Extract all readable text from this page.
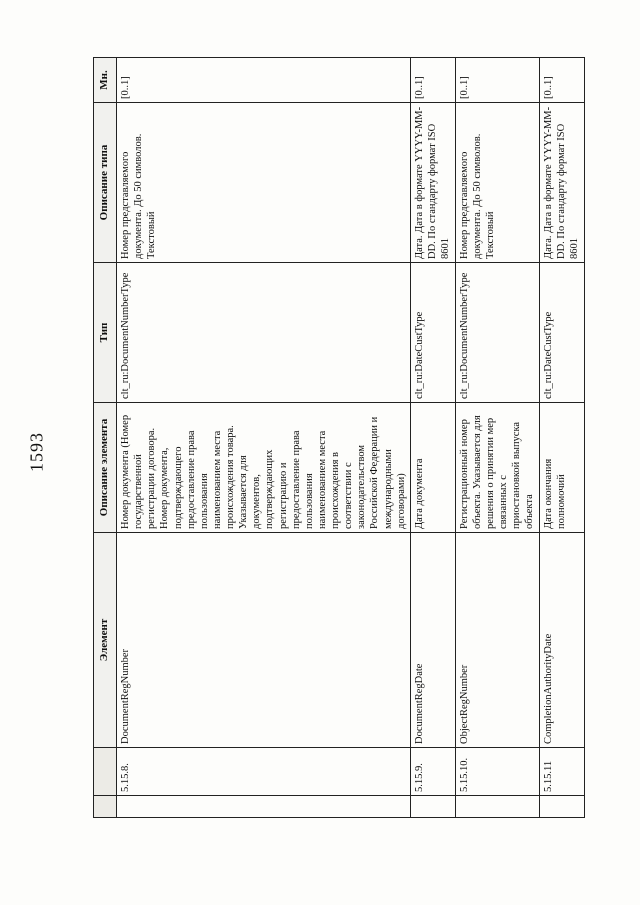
1593
		Элемент	Описание элемента	Тип	Описание типа	Мн.
	5.15.8.	DocumentRegNumber	Номер документа (Номер государственной регистрации договора. Номер документа, подтверждающего предоставление права пользования наименованием места происхождения товара. Указывается для документов, подтверждающих регистрацию и предоставление права пользования наименованием места происхождения в соответствии с законодательством Российской Федерации и международными договорами)	clt_ru:DocumentNumberType	Номер представляемого документа. До 50 символов. Текстовый	[0..1]
	5.15.9.	DocumentRegDate	Дата документа	clt_ru:DateCustType	Дата. Дата в формате YYYY-MM-DD. По стандарту формат ISO 8601	[0..1]
	5.15.10.	ObjectRegNumber	Регистрационный номер объекта. Указывается для решения о принятии мер связанных с приостановкой выпуска объекта	clt_ru:DocumentNumberType	Номер представляемого документа. До 50 символов. Текстовый	[0..1]
	5.15.11	CompletionAuthorityDate	Дата окончания полномочий	clt_ru:DateCustType	Дата. Дата в формате YYYY-MM-DD. По стандарту формат ISO 8601	[0..1]
